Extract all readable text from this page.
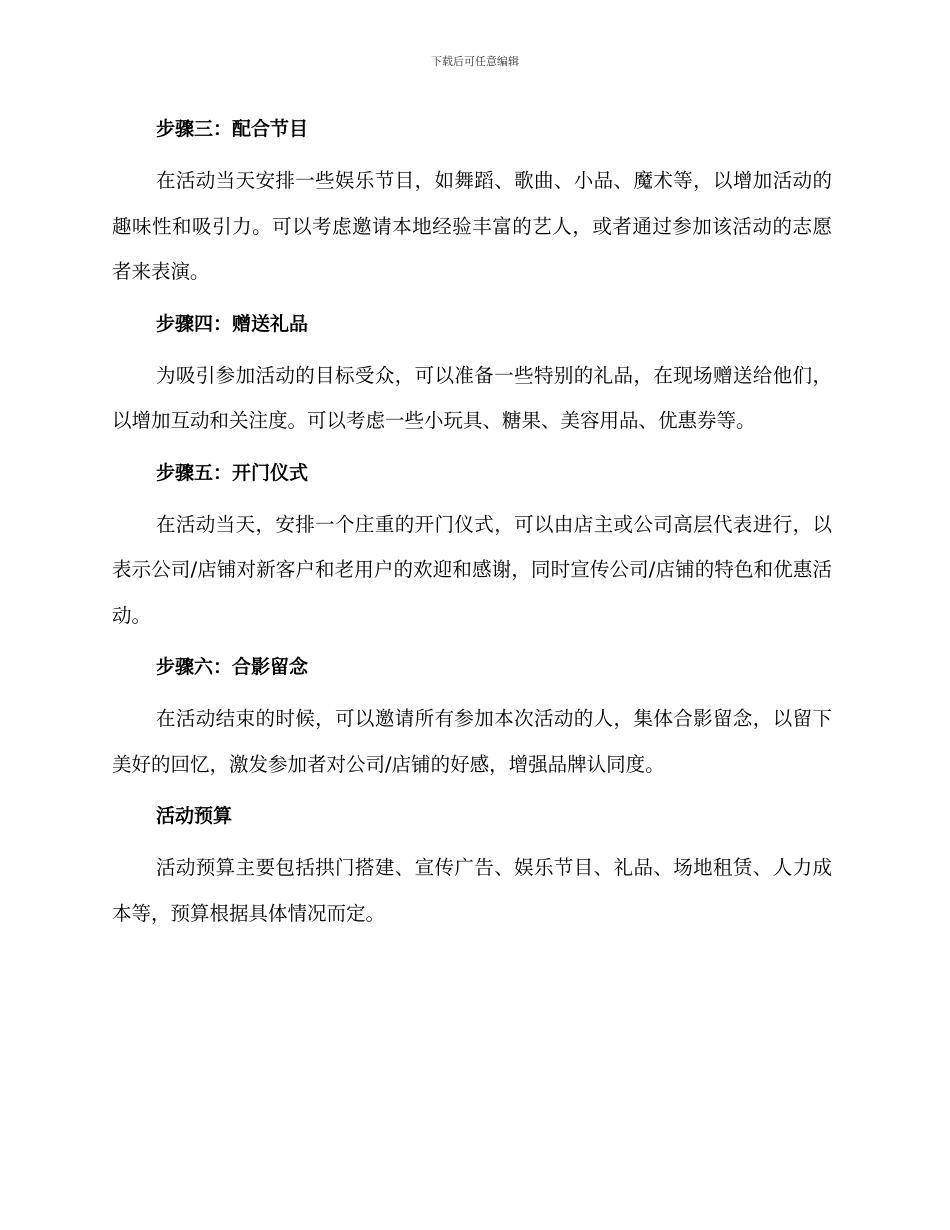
下载后可任意编辑
步骤三：配合节目

在活动当天安排一些娱乐节目，如舞蹈、歌曲、小品、魔术等，以增加活动的趣味性和吸引力。可以考虑邀请本地经验丰富的艺人，或者通过参加该活动的志愿者来表演。

步骤四：赠送礼品

为吸引参加活动的目标受众，可以准备一些特别的礼品，在现场赠送给他们，以增加互动和关注度。可以考虑一些小玩具、糖果、美容用品、优惠券等。

步骤五：开门仪式

在活动当天，安排一个庄重的开门仪式，可以由店主或公司高层代表进行，以表示公司/店铺对新客户和老用户的欢迎和感谢，同时宣传公司/店铺的特色和优惠活动。

步骤六：合影留念

在活动结束的时候，可以邀请所有参加本次活动的人，集体合影留念，以留下美好的回忆，激发参加者对公司/店铺的好感，增强品牌认同度。

活动预算

活动预算主要包括拱门搭建、宣传广告、娱乐节目、礼品、场地租赁、人力成本等，预算根据具体情况而定。
